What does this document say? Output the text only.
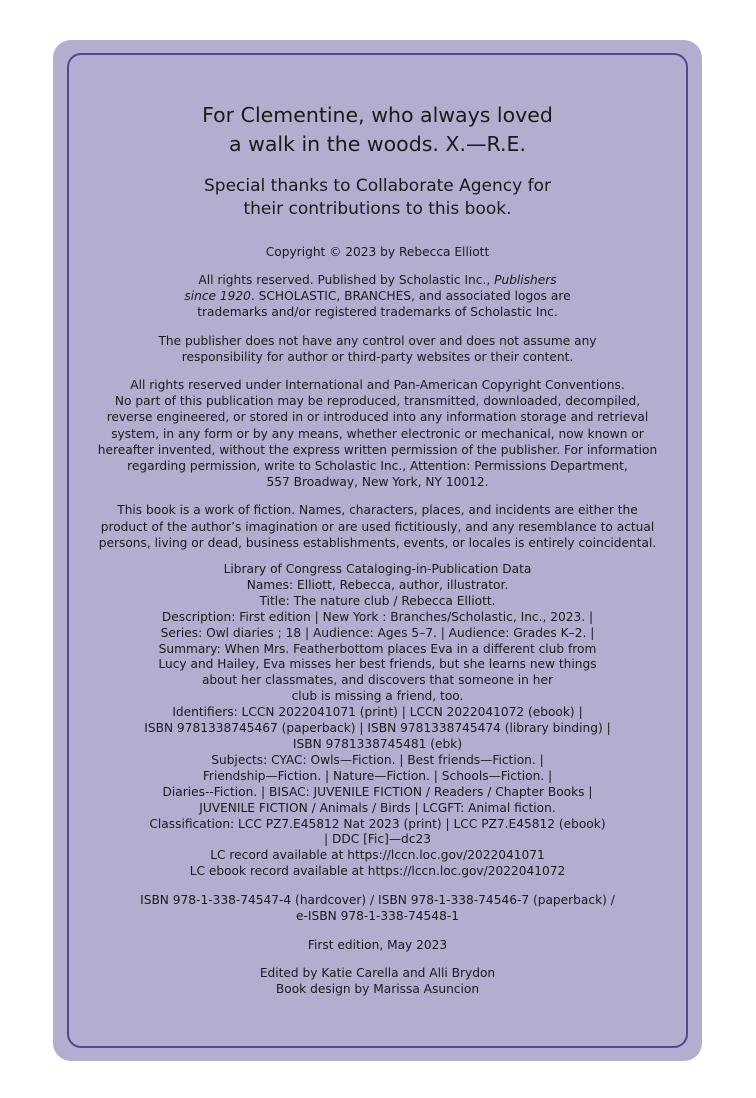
For Clementine, who always loved
a walk in the woods. X.—R.E.

Special thanks to Collaborate Agency for
their contributions to this book.

Copyright © 2023 by Rebecca Elliott

All rights reserved. Published by Scholastic Inc., Publishers
since 1920. SCHOLASTIC, BRANCHES, and associated logos are
trademarks and/or registered trademarks of Scholastic Inc.

The publisher does not have any control over and does not assume any
responsibility for author or third-party websites or their content.

All rights reserved under International and Pan-American Copyright Conventions.
No part of this publication may be reproduced, transmitted, downloaded, decompiled,
reverse engineered, or stored in or introduced into any information storage and retrieval
system, in any form or by any means, whether electronic or mechanical, now known or
hereafter invented, without the express written permission of the publisher. For information
regarding permission, write to Scholastic Inc., Attention: Permissions Department,
557 Broadway, New York, NY 10012.

This book is a work of fiction. Names, characters, places, and incidents are either the
product of the author’s imagination or are used fictitiously, and any resemblance to actual
persons, living or dead, business establishments, events, or locales is entirely coincidental.

Library of Congress Cataloging-in-Publication Data
Names: Elliott, Rebecca, author, illustrator.
Title: The nature club / Rebecca Elliott.
Description: First edition | New York : Branches/Scholastic, Inc., 2023. |
Series: Owl diaries ; 18 | Audience: Ages 5–7. | Audience: Grades K–2. |
Summary: When Mrs. Featherbottom places Eva in a different club from
Lucy and Hailey, Eva misses her best friends, but she learns new things
about her classmates, and discovers that someone in her
club is missing a friend, too.
Identifiers: LCCN 2022041071 (print) | LCCN 2022041072 (ebook) |
ISBN 9781338745467 (paperback) | ISBN 9781338745474 (library binding) |
ISBN 9781338745481 (ebk)
Subjects: CYAC: Owls—Fiction. | Best friends—Fiction. |
Friendship—Fiction. | Nature—Fiction. | Schools—Fiction. |
Diaries--Fiction. | BISAC: JUVENILE FICTION / Readers / Chapter Books |
JUVENILE FICTION / Animals / Birds | LCGFT: Animal fiction.
Classification: LCC PZ7.E45812 Nat 2023 (print) | LCC PZ7.E45812 (ebook)
| DDC [Fic]—dc23
LC record available at https://lccn.loc.gov/2022041071
LC ebook record available at https://lccn.loc.gov/2022041072

ISBN 978-1-338-74547-4 (hardcover) / ISBN 978-1-338-74546-7 (paperback) /
e-ISBN 978-1-338-74548-1

First edition, May 2023

Edited by Katie Carella and Alli Brydon
Book design by Marissa Asuncion
